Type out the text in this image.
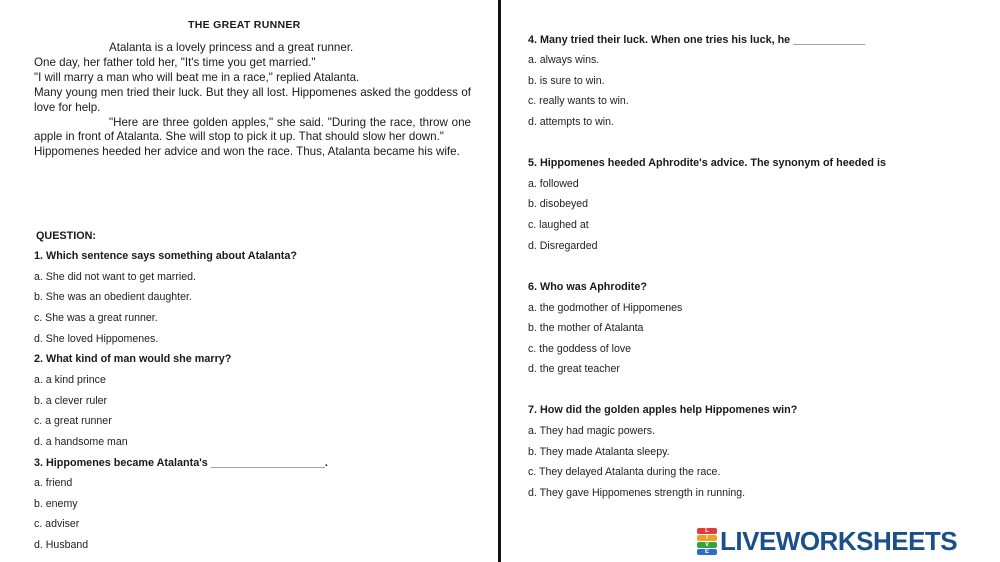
THE GREAT RUNNER

Atalanta is a lovely princess and a great runner.

One day, her father told her, "It's time you get married."

"I will marry a man who will beat me in a race," replied Atalanta.

Many young men tried their luck. But they all lost. Hippomenes asked the goddess of love for help.

"Here are three golden apples," she said. "During the race, throw one apple in front of Atalanta. She will stop to pick it up. That should slow her down."

Hippomenes heeded her advice and won the race. Thus, Atalanta became his wife.

QUESTION:
1. Which sentence says something about Atalanta?
a. She did not want to get married.
b. She was an obedient daughter.
c. She was a great runner.
d. She loved Hippomenes.
2. What kind of man would she marry?
a. a kind prince
b. a clever ruler
c. a great runner
d. a handsome man
3. Hippomenes became Atalanta's ___________________.
a. friend
b. enemy
c. adviser
d. Husband
4. Many tried their luck. When one tries his luck, he ____________
a. always wins.
b. is sure to win.
c. really wants to win.
d. attempts to win.
5. Hippomenes heeded Aphrodite's advice. The synonym of heeded is
a. followed
b. disobeyed
c. laughed at
d. Disregarded
6. Who was Aphrodite?
a. the godmother of Hippomenes
b. the mother of Atalanta
c. the goddess of love
d. the great teacher
7. How did the golden apples help Hippomenes win?
a. They had magic powers.
b. They made Atalanta sleepy.
c. They delayed Atalanta during the race.
d. They gave Hippomenes strength in running.
L
I
V
E LIVEWORKSHEETS
